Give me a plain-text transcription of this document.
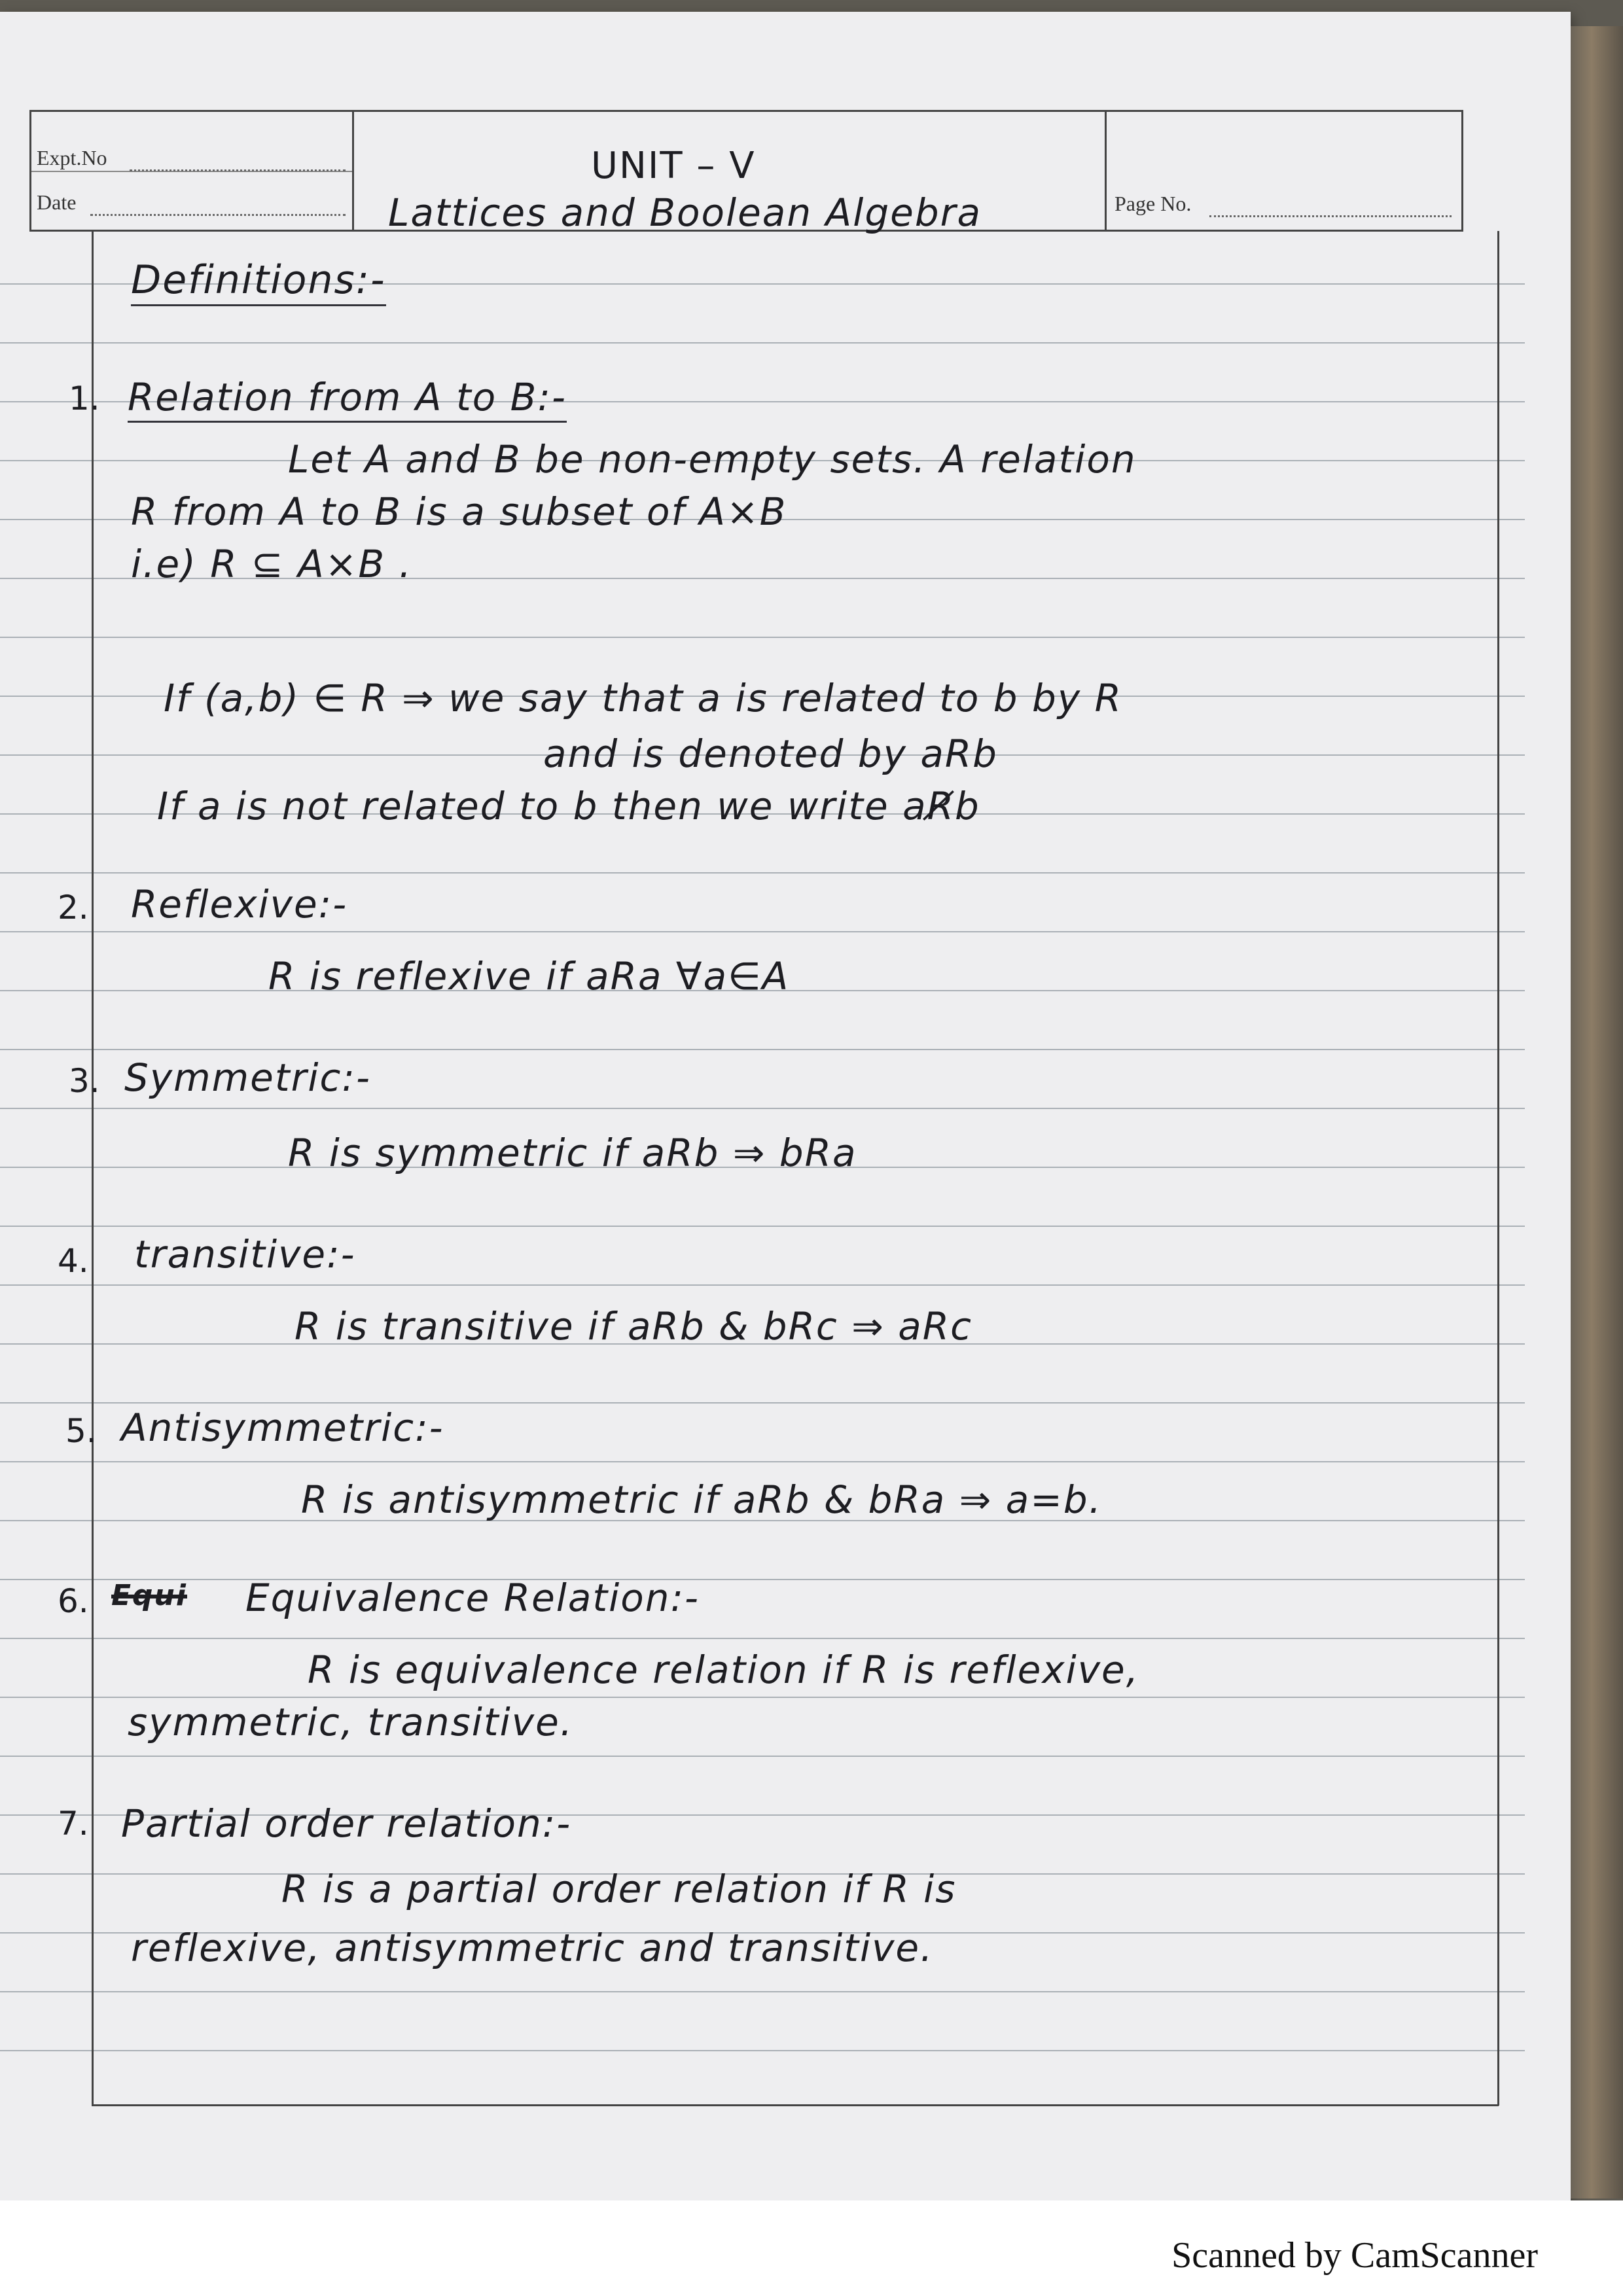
Expt.No
Date
UNIT – V
Lattices and Boolean Algebra	Page No.
Definitions:-
1. Relation from A to B:-
Let A and B be non-empty sets. A relation
R from A to B is a subset of A×B
i.e) R ⊆ A×B .
If (a,b) ∈ R ⇒ we say that a is related to b by R
and is denoted by aRb
If a is not related to b then we write aR̸b
2. Reflexive:-
R is reflexive if aRa ∀a∈A
3. Symmetric:-
R is symmetric if aRb ⇒ bRa
4. transitive:-
R is transitive if aRb & bRc ⇒ aRc
5. Antisymmetric:-
R is antisymmetric if aRb & bRa ⇒ a=b.
6. Equi Equivalence Relation:-
R is equivalence relation if R is reflexive,
symmetric, transitive.
7. Partial order relation:-
R is a partial order relation if R is
reflexive, antisymmetric and transitive.
Scanned by CamScanner
